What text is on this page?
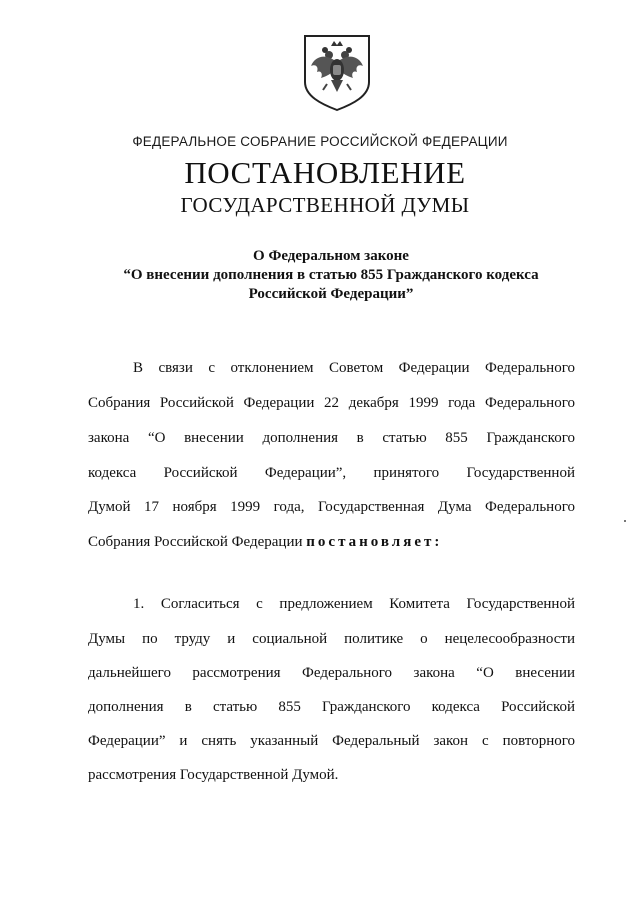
ФЕДЕРАЛЬНОЕ СОБРАНИЕ РОССИЙСКОЙ ФЕДЕРАЦИИ
ПОСТАНОВЛЕНИЕ
ГОСУДАРСТВЕННОЙ ДУМЫ
О Федеральном законе
“О внесении дополнения в статью 855 Гражданского кодекса
Российской Федерации”
В связи с отклонением Советом Федерации Федерального
Собрания Российской Федерации 22 декабря 1999 года Федерального
закона “О внесении дополнения в статью 855 Гражданского
кодекса Российской Федерации”, принятого Государственной
Думой 17 ноября 1999 года, Государственная Дума Федерального
Собрания Российской Федерации постановляет:
1. Согласиться с предложением Комитета Государственной
Думы по труду и социальной политике о нецелесообразности
дальнейшего рассмотрения Федерального закона “О внесении
дополнения в статью 855 Гражданского кодекса Российской
Федерации” и снять указанный Федеральный закон с повторного
рассмотрения Государственной Думой.
